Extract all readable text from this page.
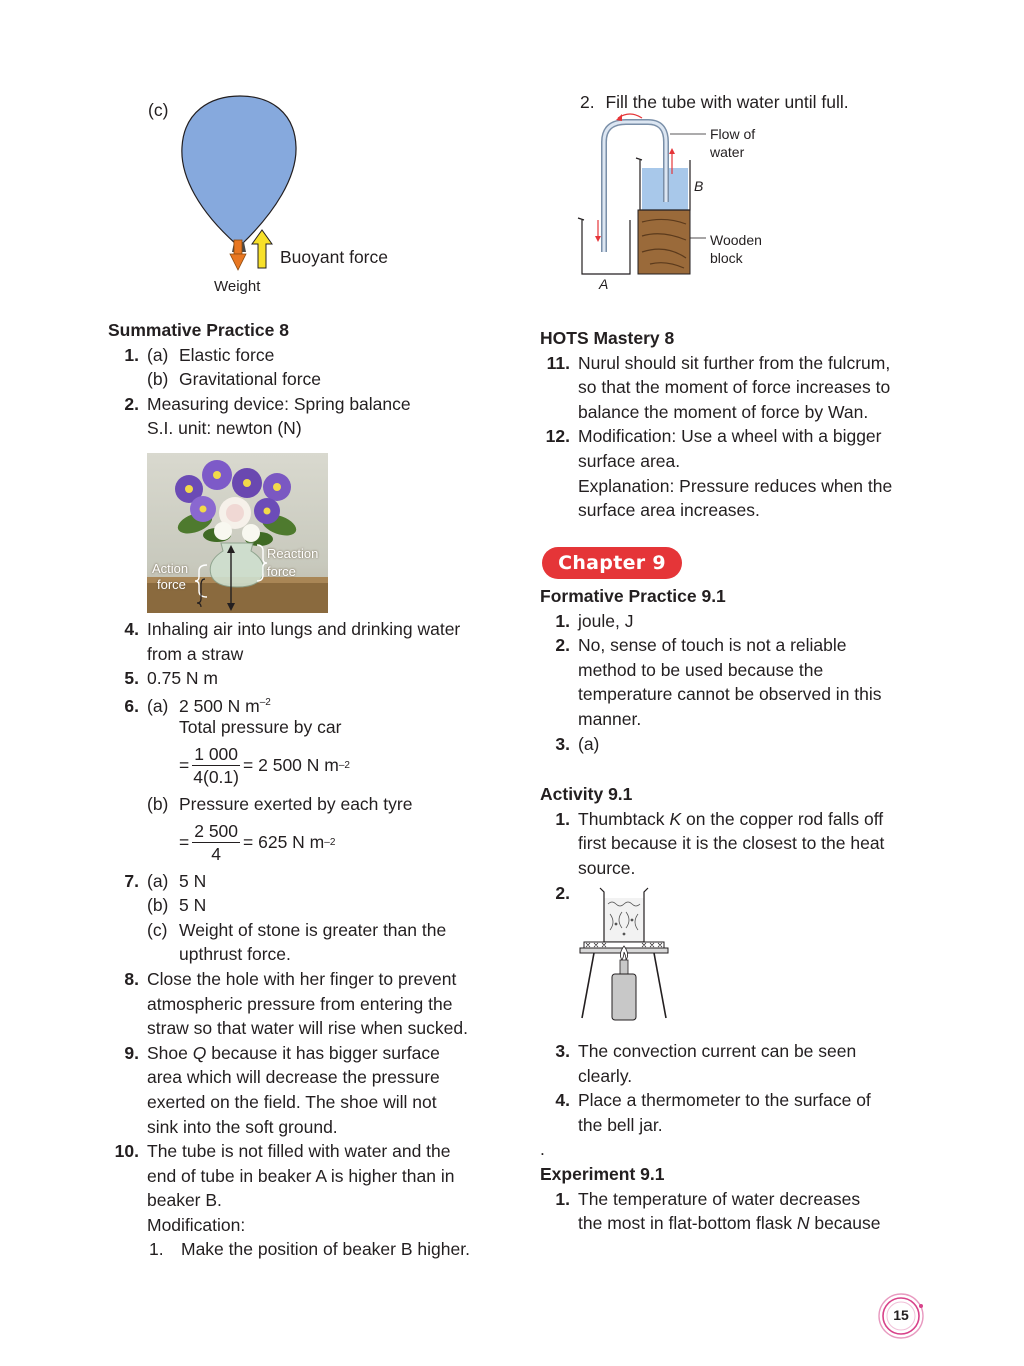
(c)
Buoyant force
Weight
2. Fill the tube with water until full.
Flow of
water
B
Wooden
block
A
Summative Practice 8
1. (a) Elastic force
(b) Gravitational force
2. Measuring device: Spring balance
S.I. unit: newton (N)
Action
force
Reaction
force
4. Inhaling air into lungs and drinking water
from a straw
5. 0.75 N m
6. (a) 2 500 N $m^{-2}$
Total pressure by car
= $\frac{1 000}{4(0.1)} = 2$ 500 N m –2
(b) Pressure exerted by each tyre
= $\frac{2 500}{4} = 625$ N m –2
7. (a) 5 N
(b) 5 N
(c) Weight of stone is greater than the
upthrust force.
8. Close the hole with her finger to prevent
atmospheric pressure from entering the
straw so that water will rise when sucked.
9. Shoe Q because it has bigger surface
area which will decrease the pressure
exerted on the field. The shoe will not
sink into the soft ground.
10. The tube is not filled with water and the
end of tube in beaker A is higher than in
beaker B.
Modification:
1. Make the position of beaker B higher.
HOTS Mastery 8
11. Nurul should sit further from the fulcrum,
so that the moment of force increases to
balance the moment of force by Wan.
12. Modification: Use a wheel with a bigger
surface area.
Explanation: Pressure reduces when the
surface area increases.
Chapter 9
Formative Practice 9.1
1. joule, J
2. No, sense of touch is not a reliable
method to be used because the
temperature cannot be observed in this
manner.
3. (a)
Activity 9.1
1. Thumbtack K on the copper rod falls off
first because it is the closest to the heat
source.
2.
3. The convection current can be seen
clearly.
4. Place a thermometer to the surface of
the bell jar.
.
Experiment 9.1
1. The temperature of water decreases
the most in flat-bottom flask N because
15
